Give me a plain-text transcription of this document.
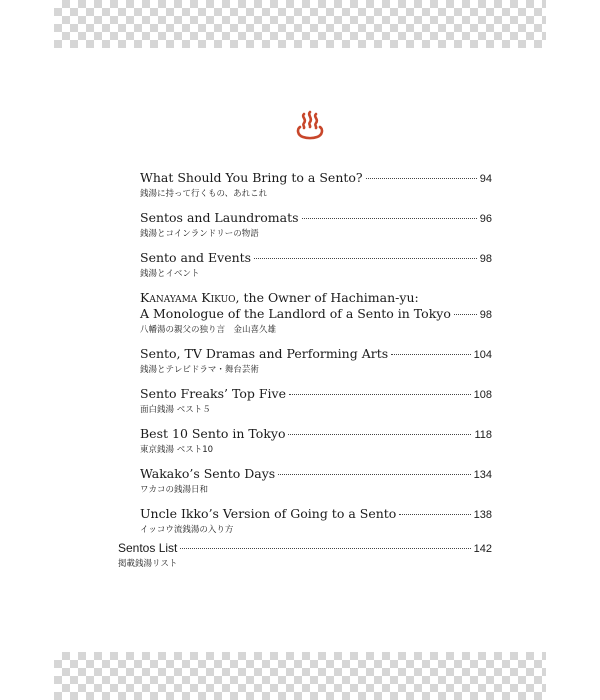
What Should You Bring to a Sento?	94
銭湯に持って行くもの、あれこれ
Sentos and Laundromats	96
銭湯とコインランドリーの物語
Sento and Events	98
銭湯とイベント
Kanayama Kikuo, the Owner of Hachiman-yu:
A Monologue of the Landlord of a Sento in Tokyo	98
八幡湯の親父の独り言　金山喜久雄
Sento, TV Dramas and Performing Arts	104
銭湯とテレビドラマ・舞台芸術
Sento Freaks’ Top Five	108
面白銭湯 ベスト５
Best 10 Sento in Tokyo	118
東京銭湯 ベスト10
Wakako’s Sento Days	134
ワカコの銭湯日和
Uncle Ikko’s Version of Going to a Sento	138
イッコウ流銭湯の入り方
Sentos List	142
掲載銭湯リスト
